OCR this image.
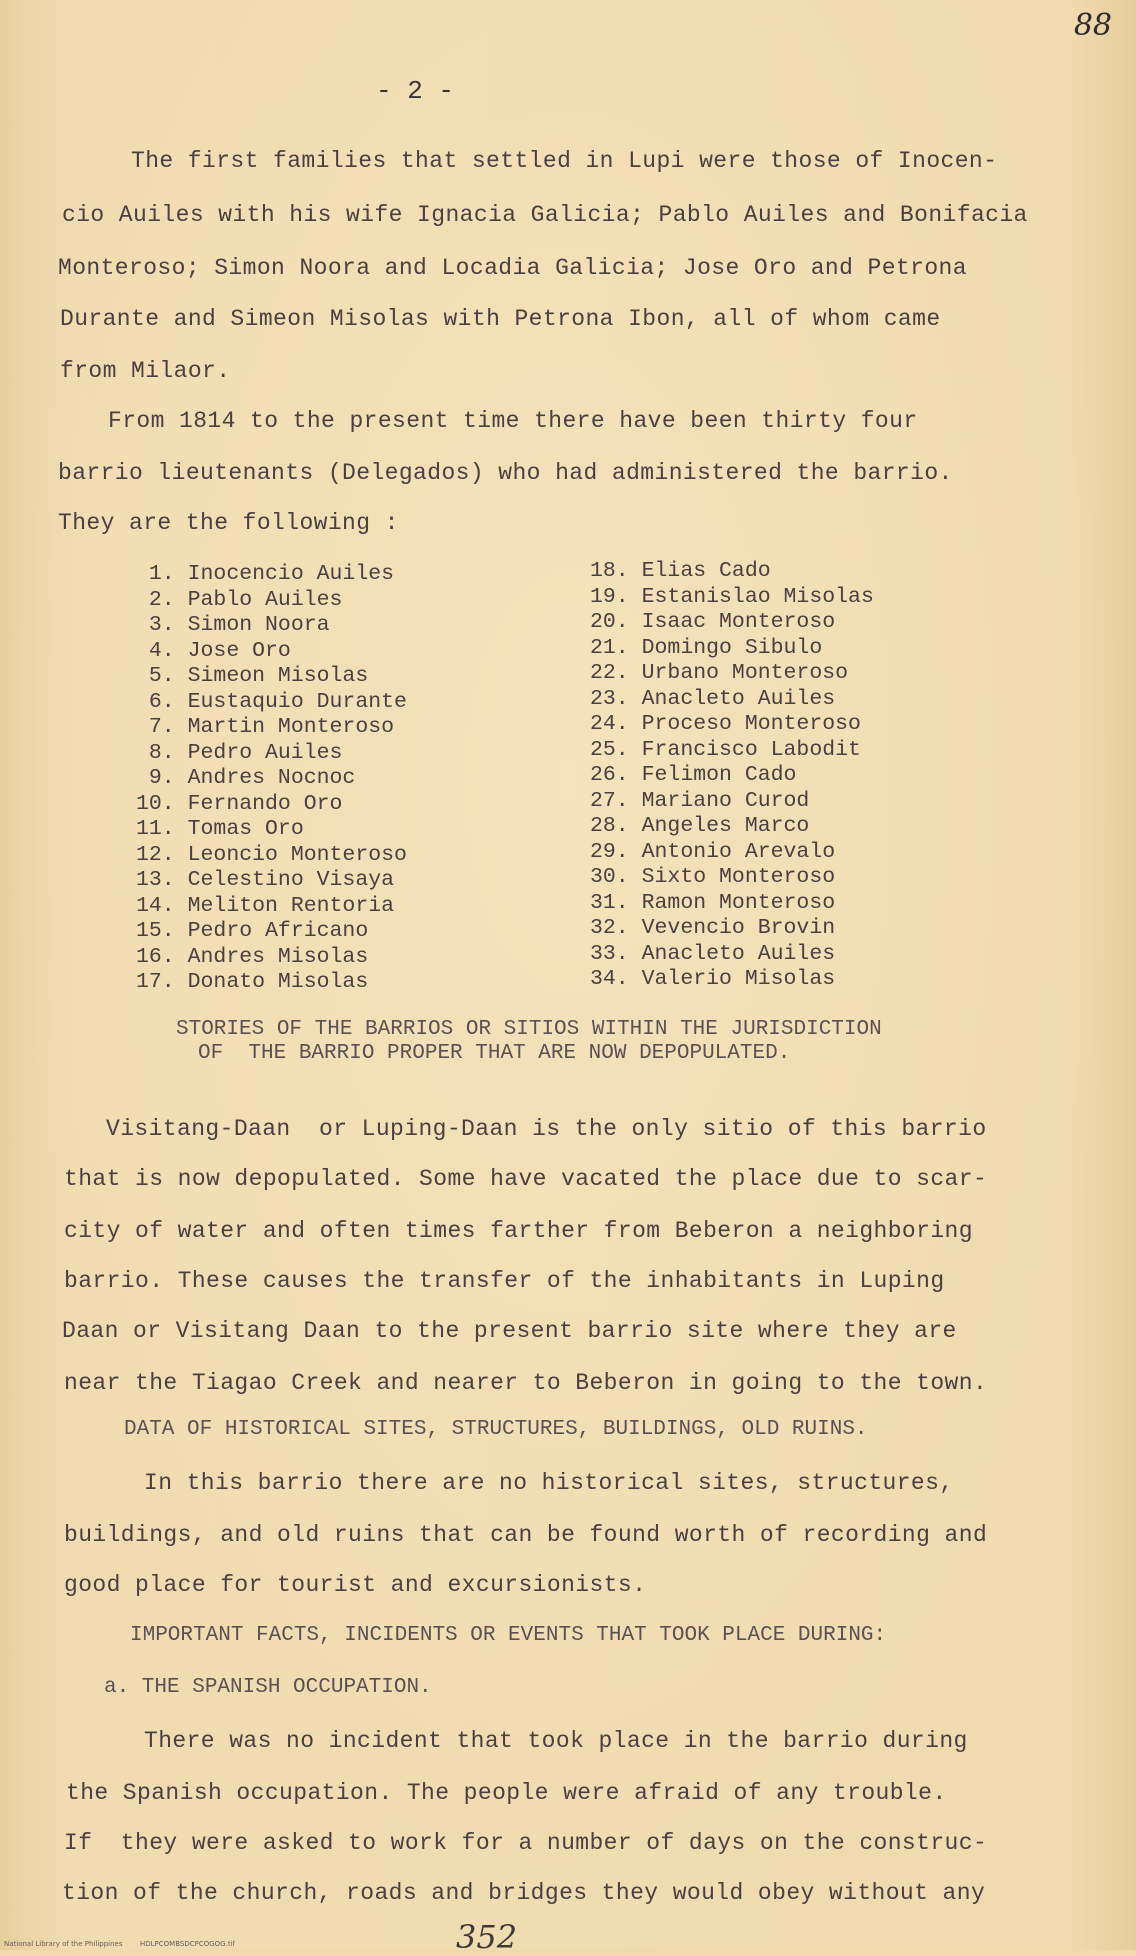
88
- 2 -
The first families that settled in Lupi were those of Inocen-
cio Auiles with his wife Ignacia Galicia; Pablo Auiles and Bonifacia
Monteroso; Simon Noora and Locadia Galicia; Jose Oro and Petrona
Durante and Simeon Misolas with Petrona Ibon, all of whom came
from Milaor.
From 1814 to the present time there have been thirty four
barrio lieutenants (Delegados) who had administered the barrio.
They are the following :
1. Inocencio Auiles
2. Pablo Auiles
3. Simon Noora
4. Jose Oro
5. Simeon Misolas
6. Eustaquio Durante
7. Martin Monteroso
8. Pedro Auiles
9. Andres Nocnoc
10. Fernando Oro
11. Tomas Oro
12. Leoncio Monteroso
13. Celestino Visaya
14. Meliton Rentoria
15. Pedro Africano
16. Andres Misolas
17. Donato Misolas
18. Elias Cado
19. Estanislao Misolas
20. Isaac Monteroso
21. Domingo Sibulo
22. Urbano Monteroso
23. Anacleto Auiles
24. Proceso Monteroso
25. Francisco Labodit
26. Felimon Cado
27. Mariano Curod
28. Angeles Marco
29. Antonio Arevalo
30. Sixto Monteroso
31. Ramon Monteroso
32. Vevencio Brovin
33. Anacleto Auiles
34. Valerio Misolas
STORIES OF THE BARRIOS OR SITIOS WITHIN THE JURISDICTION
OF  THE BARRIO PROPER THAT ARE NOW DEPOPULATED.
Visitang-Daan  or Luping-Daan is the only sitio of this barrio
that is now depopulated. Some have vacated the place due to scar-
city of water and often times farther from Beberon a neighboring
barrio. These causes the transfer of the inhabitants in Luping
Daan or Visitang Daan to the present barrio site where they are
near the Tiagao Creek and nearer to Beberon in going to the town.
DATA OF HISTORICAL SITES, STRUCTURES, BUILDINGS, OLD RUINS.
In this barrio there are no historical sites, structures,
buildings, and old ruins that can be found worth of recording and
good place for tourist and excursionists.
IMPORTANT FACTS, INCIDENTS OR EVENTS THAT TOOK PLACE DURING:
a. THE SPANISH OCCUPATION.
There was no incident that took place in the barrio during
the Spanish occupation. The people were afraid of any trouble.
If  they were asked to work for a number of days on the construc-
tion of the church, roads and bridges they would obey without any
National Library of the Philippines	HDLPCOMBSDCPCOGOG.tif	352
